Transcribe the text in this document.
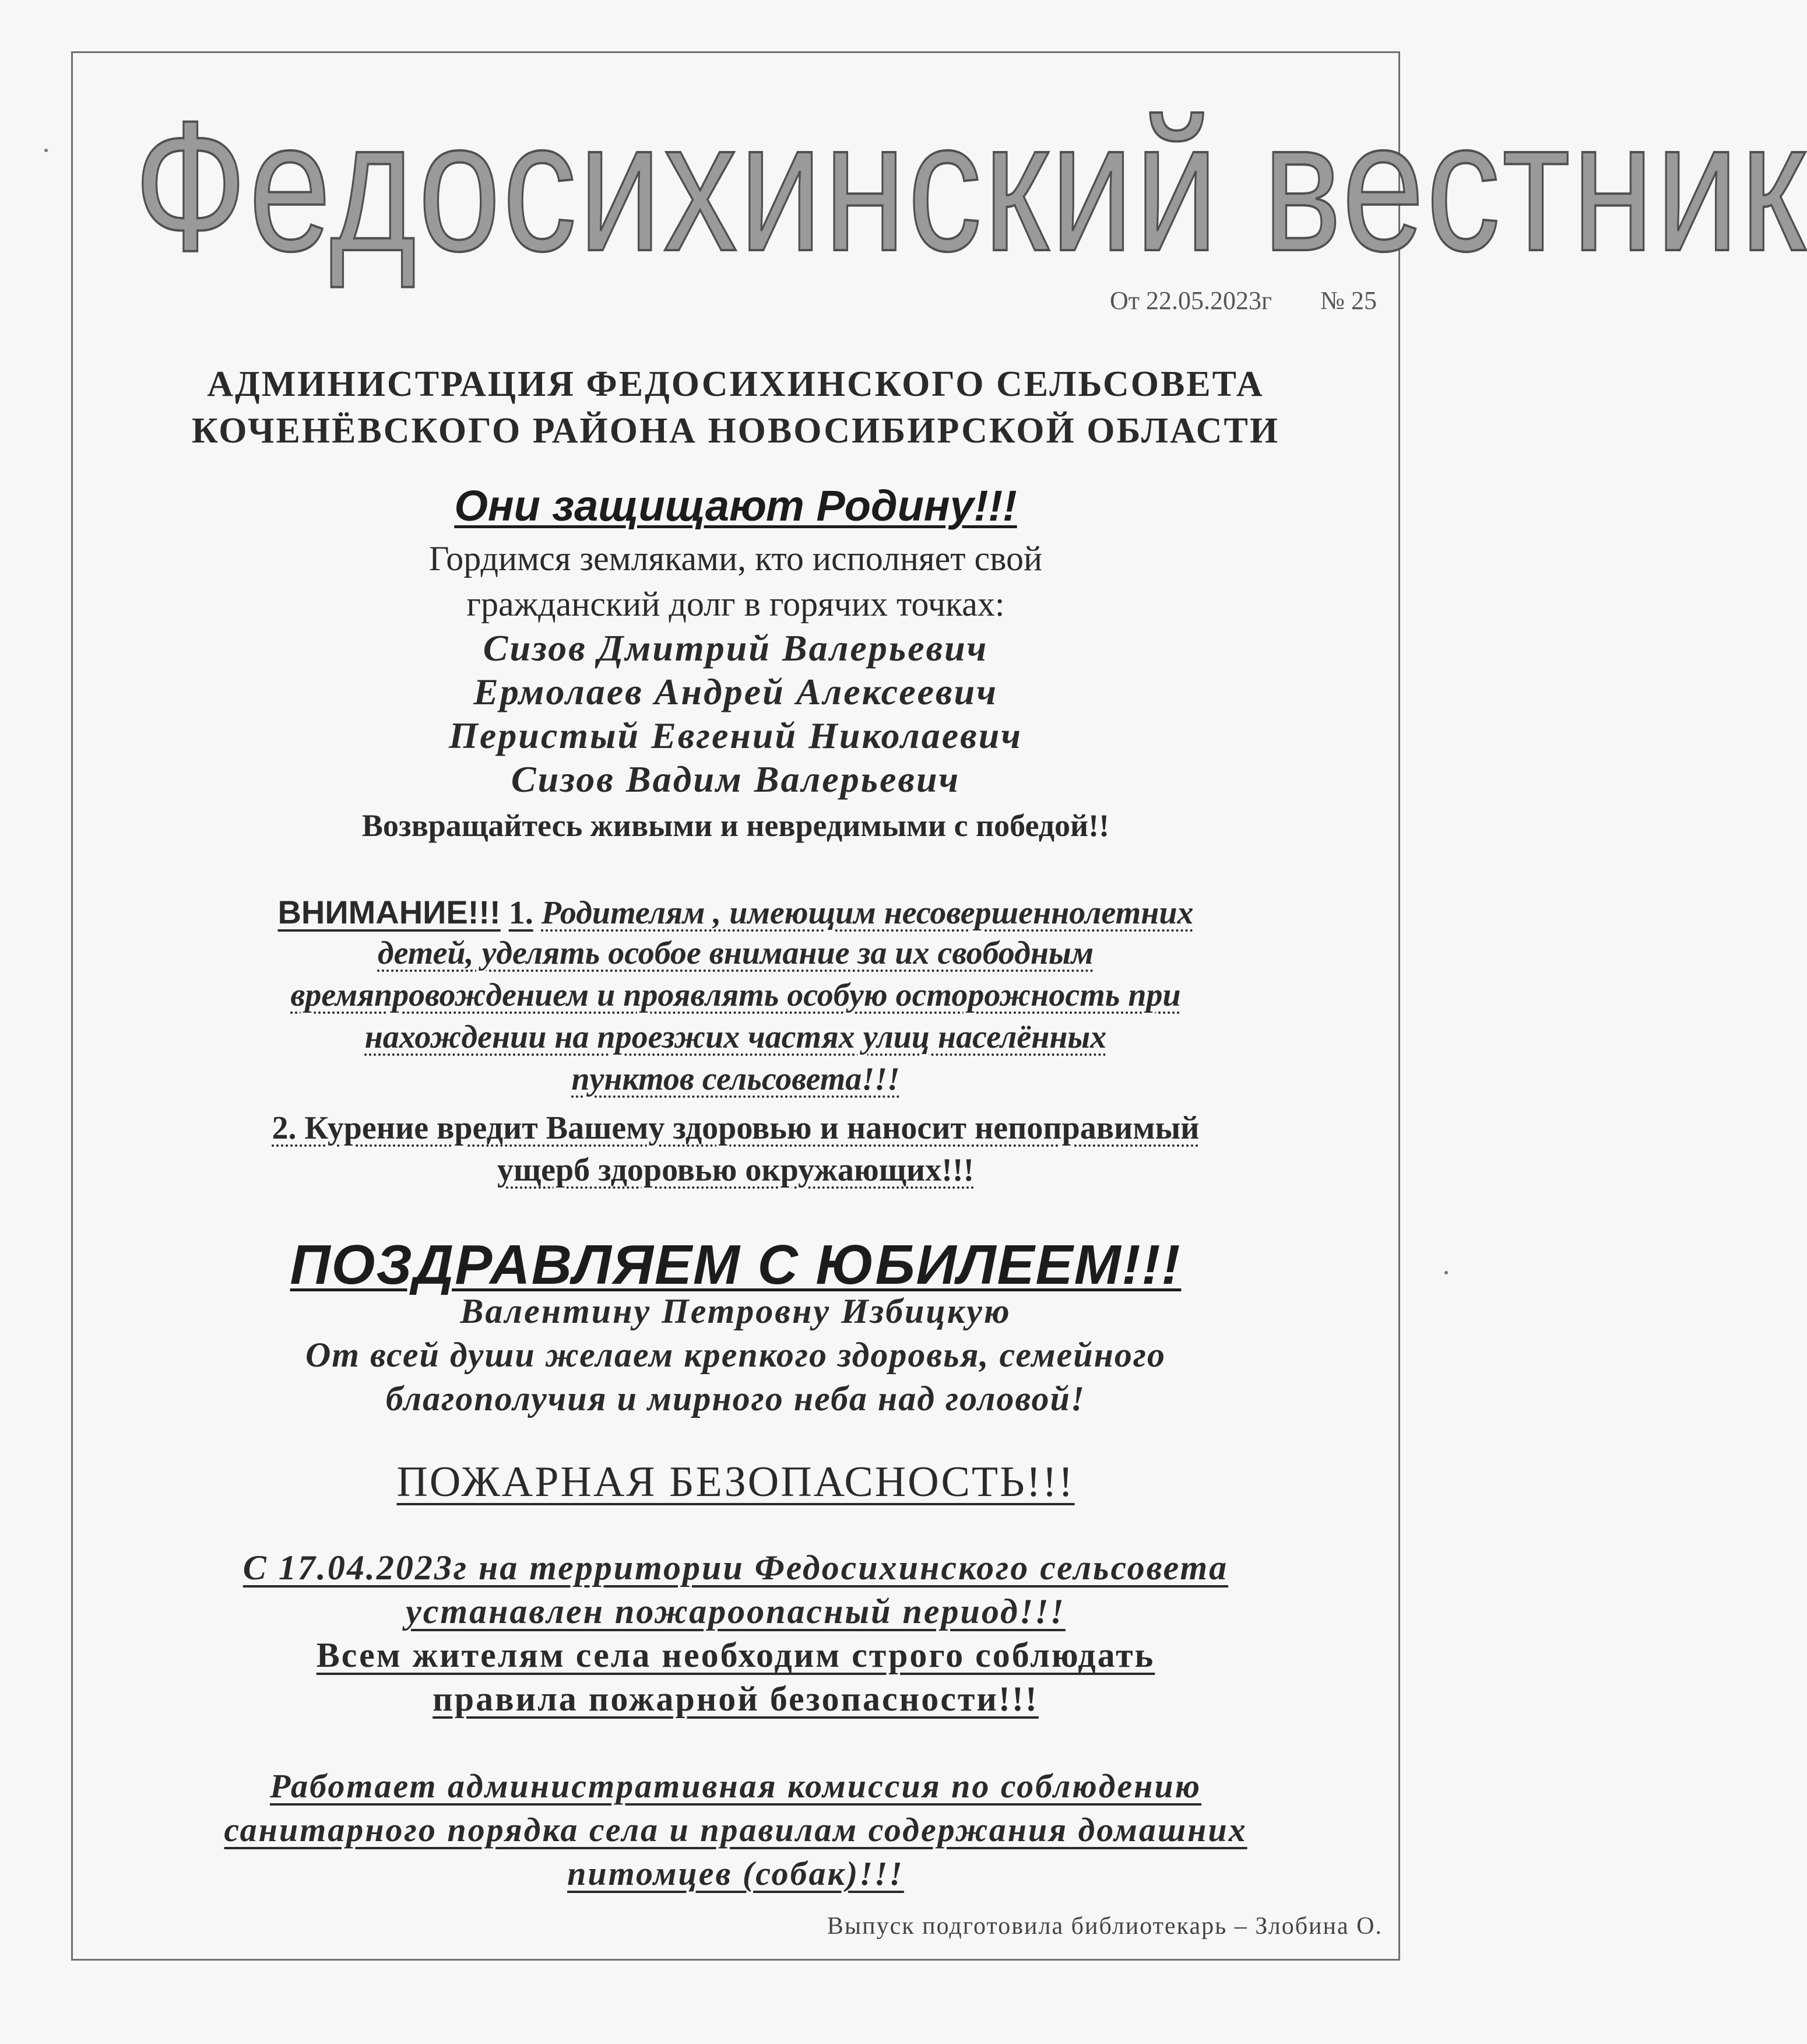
Федосихинский вестник
От 22.05.2023г № 25
АДМИНИСТРАЦИЯ ФЕДОСИХИНСКОГО СЕЛЬСОВЕТА
КОЧЕНЁВСКОГО РАЙОНА НОВОСИБИРСКОЙ ОБЛАСТИ
Они защищают Родину!!!
Гордимся земляками, кто исполняет свой
гражданский долг в горячих точках:
Сизов Дмитрий Валерьевич
Ермолаев Андрей Алексеевич
Перистый Евгений Николаевич
Сизов Вадим Валерьевич
Возвращайтесь живыми и невредимыми с победой!!
ВНИМАНИЕ!!! 1. Родителям , имеющим несовершеннолетних
детей, уделять особое внимание за их свободным
времяпровождением и проявлять особую осторожность при
нахождении на проезжих частях улиц населённых
пунктов сельсовета!!!
2. Курение вредит Вашему здоровью и наносит непоправимый
ущерб здоровью окружающих!!!
ПОЗДРАВЛЯЕМ С ЮБИЛЕЕМ!!!
Валентину Петровну Избицкую
От всей души желаем крепкого здоровья, семейного
благополучия и мирного неба над головой!
ПОЖАРНАЯ БЕЗОПАСНОСТЬ!!!
С 17.04.2023г на территории Федосихинского сельсовета
устанавлен пожароопасный период!!!
Всем жителям села необходим строго соблюдать
правила пожарной безопасности!!!
Работает административная комиссия по соблюдению
санитарного порядка села и правилам содержания домашних
питомцев (собак)!!!
Выпуск подготовила библиотекарь – Злобина О.
